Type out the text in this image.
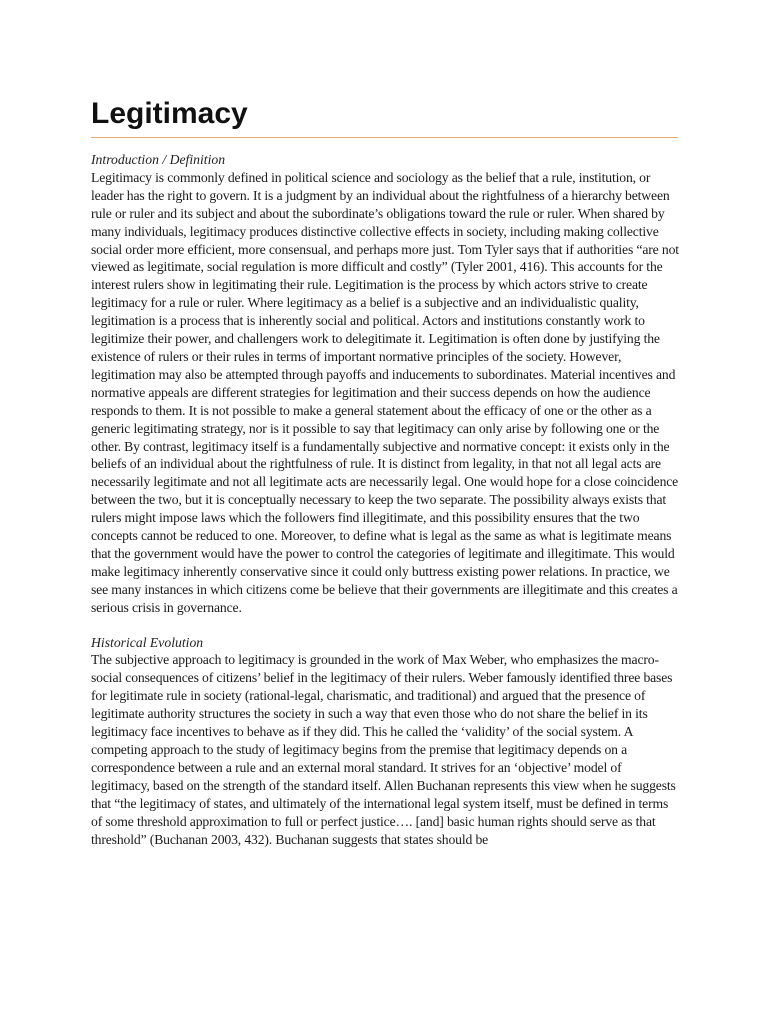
Legitimacy
Introduction / Definition

Legitimacy is commonly defined in political science and sociology as the belief that a rule, institution, or leader has the right to govern. It is a judgment by an individual about the rightfulness of a hierarchy between rule or ruler and its subject and about the subordinate’s obligations toward the rule or ruler. When shared by many individuals, legitimacy produces distinctive collective effects in society, including making collective social order more efficient, more consensual, and perhaps more just. Tom Tyler says that if authorities “are not viewed as legitimate, social regulation is more difficult and costly” (Tyler 2001, 416). This accounts for the interest rulers show in legitimating their rule. Legitimation is the process by which actors strive to create legitimacy for a rule or ruler. Where legitimacy as a belief is a subjective and an individualistic quality, legitimation is a process that is inherently social and political. Actors and institutions constantly work to legitimize their power, and challengers work to delegitimate it. Legitimation is often done by justifying the existence of rulers or their rules in terms of important normative principles of the society. However, legitimation may also be attempted through payoffs and inducements to subordinates. Material incentives and normative appeals are different strategies for legitimation and their success depends on how the audience responds to them. It is not possible to make a general statement about the efficacy of one or the other as a generic legitimating strategy, nor is it possible to say that legitimacy can only arise by following one or the other. By contrast, legitimacy itself is a fundamentally subjective and normative concept: it exists only in the beliefs of an individual about the rightfulness of rule. It is distinct from legality, in that not all legal acts are necessarily legitimate and not all legitimate acts are necessarily legal. One would hope for a close coincidence between the two, but it is conceptually necessary to keep the two separate. The possibility always exists that rulers might impose laws which the followers find illegitimate, and this possibility ensures that the two concepts cannot be reduced to one. Moreover, to define what is legal as the same as what is legitimate means that the government would have the power to control the categories of legitimate and illegitimate. This would make legitimacy inherently conservative since it could only buttress existing power relations. In practice, we see many instances in which citizens come be believe that their governments are illegitimate and this creates a serious crisis in governance.

Historical Evolution

The subjective approach to legitimacy is grounded in the work of Max Weber, who emphasizes the macro-social consequences of citizens’ belief in the legitimacy of their rulers. Weber famously identified three bases for legitimate rule in society (rational-legal, charismatic, and traditional) and argued that the presence of legitimate authority structures the society in such a way that even those who do not share the belief in its legitimacy face incentives to behave as if they did. This he called the ‘validity’ of the social system. A competing approach to the study of legitimacy begins from the premise that legitimacy depends on a correspondence between a rule and an external moral standard. It strives for an ‘objective’ model of legitimacy, based on the strength of the standard itself. Allen Buchanan represents this view when he suggests that “the legitimacy of states, and ultimately of the international legal system itself, must be defined in terms of some threshold approximation to full or perfect justice…. [and] basic human rights should serve as that threshold” (Buchanan 2003, 432). Buchanan suggests that states should be
